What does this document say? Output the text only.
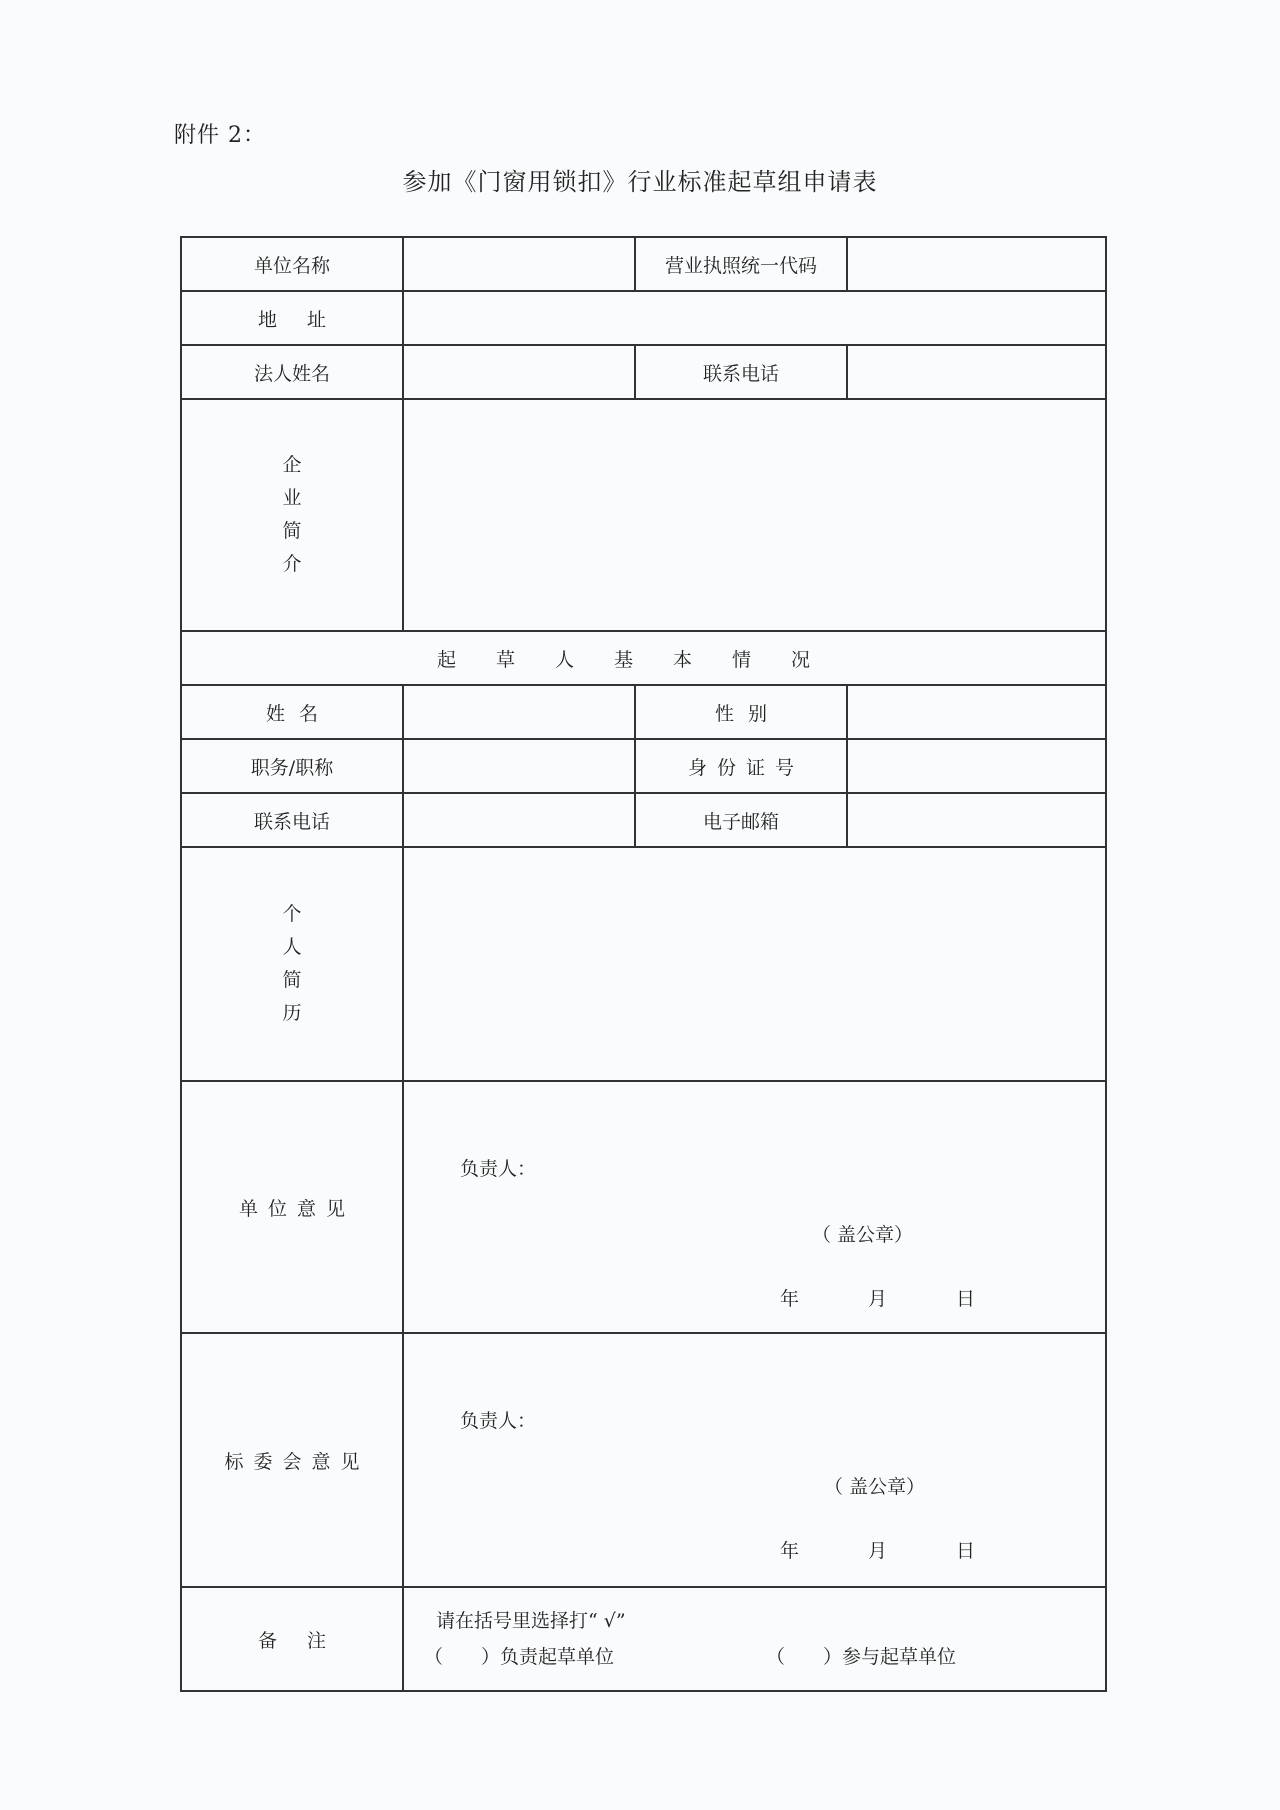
附件 2：
参加《门窗用锁扣》行业标准起草组申请表
单位名称		营业执照统一代码	
地址			
法人姓名		联系电话	
企业简介			
起草人基本情况			
姓名		性别	
职务/职称		身份证号	
联系电话		电子邮箱	
个人简历			
单位意见	负责人：
（ 盖公章）
年 月 日		

标委会意见	负责人：
（ 盖公章）
年 月 日		

备注	请在括号里选择打“ √”
（　　）负责起草单位 （　　）参与起草单位		
